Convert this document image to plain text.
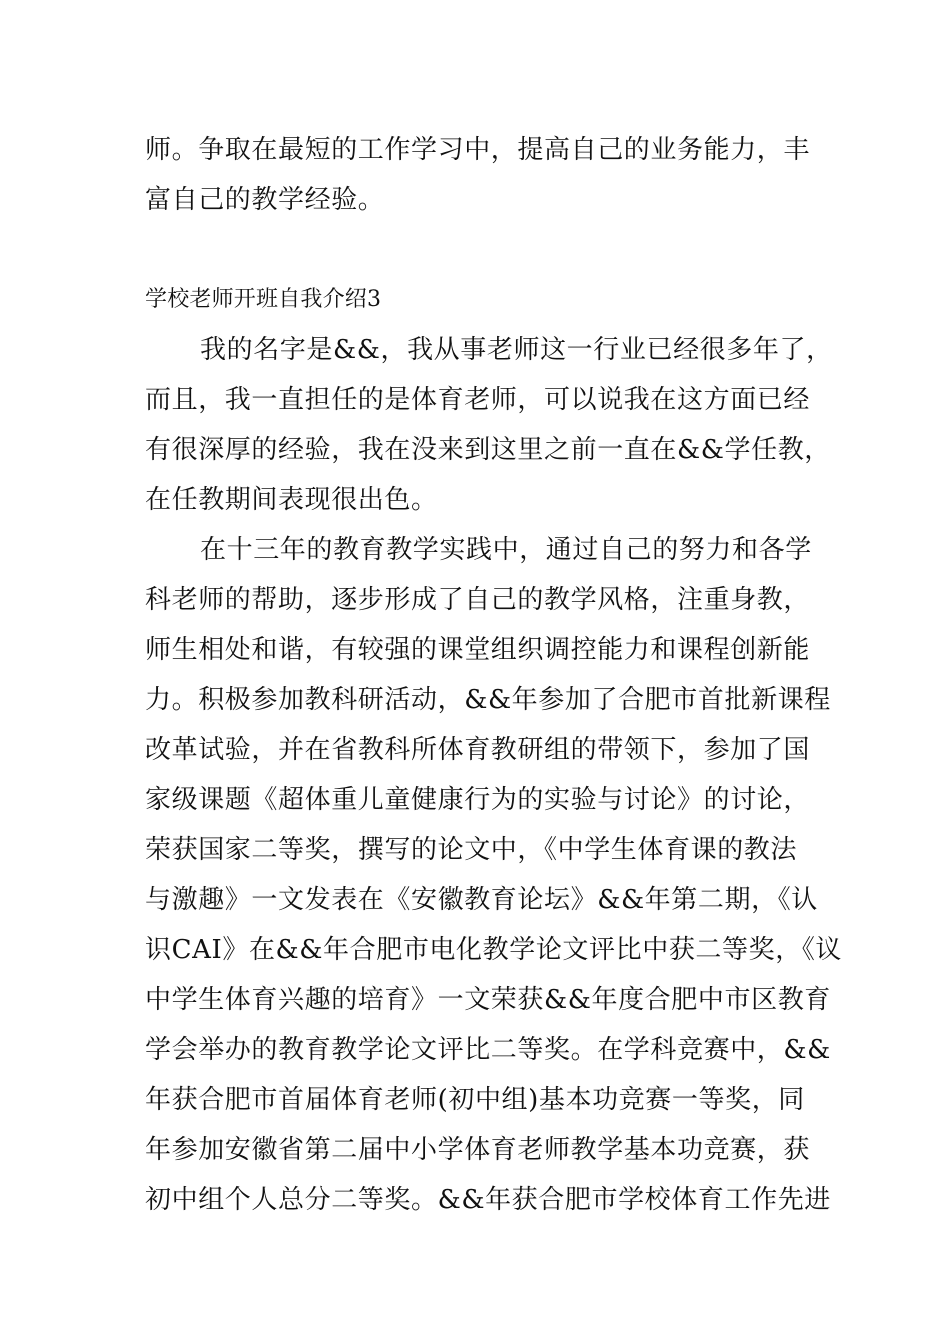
师。争取在最短的工作学习中，提高自己的业务能力，丰
富自己的教学经验。
学校老师开班自我介绍3
我的名字是&&，我从事老师这一行业已经很多年了，
而且，我一直担任的是体育老师，可以说我在这方面已经
有很深厚的经验，我在没来到这里之前一直在&&学任教，
在任教期间表现很出色。
在十三年的教育教学实践中，通过自己的努力和各学
科老师的帮助，逐步形成了自己的教学风格，注重身教，
师生相处和谐，有较强的课堂组织调控能力和课程创新能
力。积极参加教科研活动，&&年参加了合肥市首批新课程
改革试验，并在省教科所体育教研组的带领下，参加了国
家级课题《超体重儿童健康行为的实验与讨论》的讨论，
荣获国家二等奖，撰写的论文中，《中学生体育课的教法
与激趣》一文发表在《安徽教育论坛》&&年第二期，《认
识CAI》在&&年合肥市电化教学论文评比中获二等奖，《议
中学生体育兴趣的培育》一文荣获&&年度合肥中市区教育
学会举办的教育教学论文评比二等奖。在学科竞赛中，&&
年获合肥市首届体育老师(初中组)基本功竞赛一等奖，同
年参加安徽省第二届中小学体育老师教学基本功竞赛，获
初中组个人总分二等奖。&&年获合肥市学校体育工作先进
